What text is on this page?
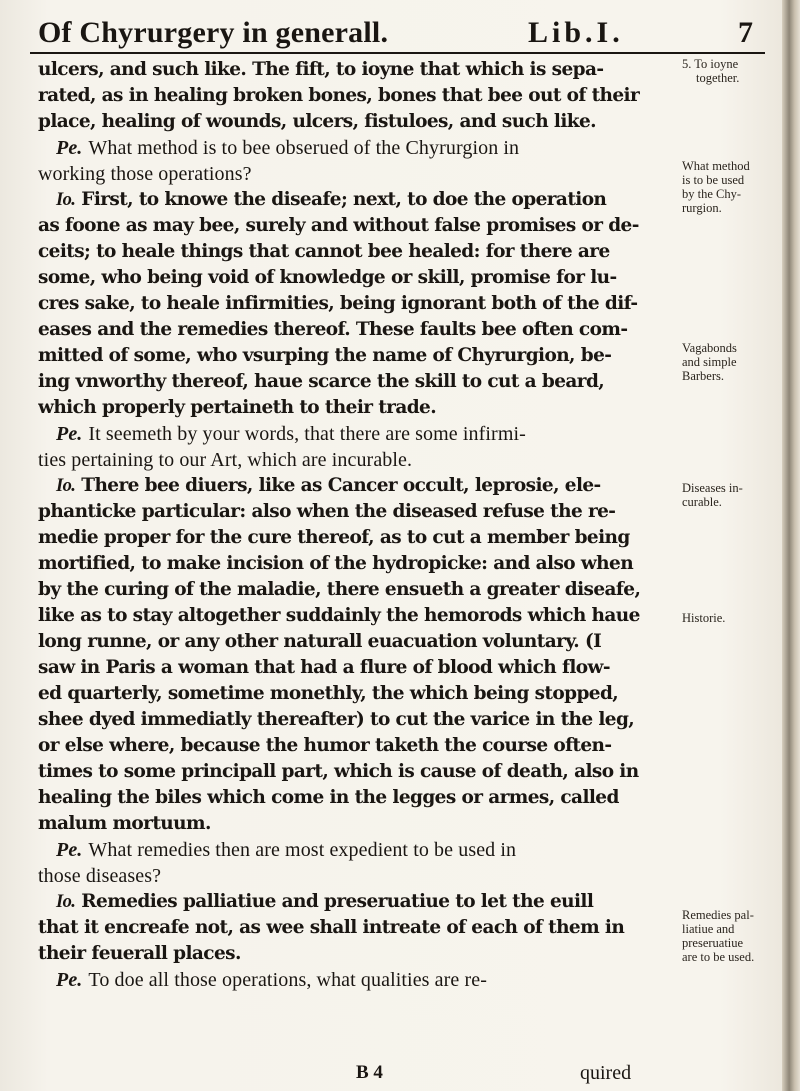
Of Chyrurgery in generall.	Lib.I.	7
ulcers, and such like. The fift, to ioyne that which is sepa-
rated, as in healing broken bones, bones that bee out of their
place, healing of wounds, ulcers, fistuloes, and such like.
Pe. What method is to bee obserued of the Chyrurgion in
working those operations?
Io. First, to knowe the diseafe; next, to doe the operation
as foone as may bee, surely and without false promises or de-
ceits; to heale things that cannot bee healed: for there are
some, who being void of knowledge or skill, promise for lu-
cres sake, to heale infirmities, being ignorant both of the dif-
eases and the remedies thereof. These faults bee often com-
mitted of some, who vsurping the name of Chyrurgion, be-
ing vnworthy thereof, haue scarce the skill to cut a beard,
which properly pertaineth to their trade.
Pe. It seemeth by your words, that there are some infirmi-
ties pertaining to our Art, which are incurable.
Io. There bee diuers, like as Cancer occult, leprosie, ele-
phanticke particular: also when the diseased refuse the re-
medie proper for the cure thereof, as to cut a member being
mortified, to make incision of the hydropicke: and also when
by the curing of the maladie, there ensueth a greater diseafe,
like as to stay altogether suddainly the hemorods which haue
long runne, or any other naturall euacuation voluntary. (I
saw in Paris a woman that had a flure of blood which flow-
ed quarterly, sometime monethly, the which being stopped,
shee dyed immediatly thereafter) to cut the varice in the leg,
or else where, because the humor taketh the course often-
times to some principall part, which is cause of death, also in
healing the biles which come in the legges or armes, called
malum mortuum.
Pe. What remedies then are most expedient to be used in
those diseases?
Io. Remedies palliatiue and preseruatiue to let the euill
that it encreafe not, as wee shall intreate of each of them in
their feuerall places.
Pe. To doe all those operations, what qualities are re-
5. To ioyne
together.
What method
is to be used
by the Chy-
rurgion.
Vagabonds
and simple
Barbers.
Diseases in-
curable.
Historie.
Remedies pal-
liatiue and
preseruatiue
are to be used.
B 4	quired
